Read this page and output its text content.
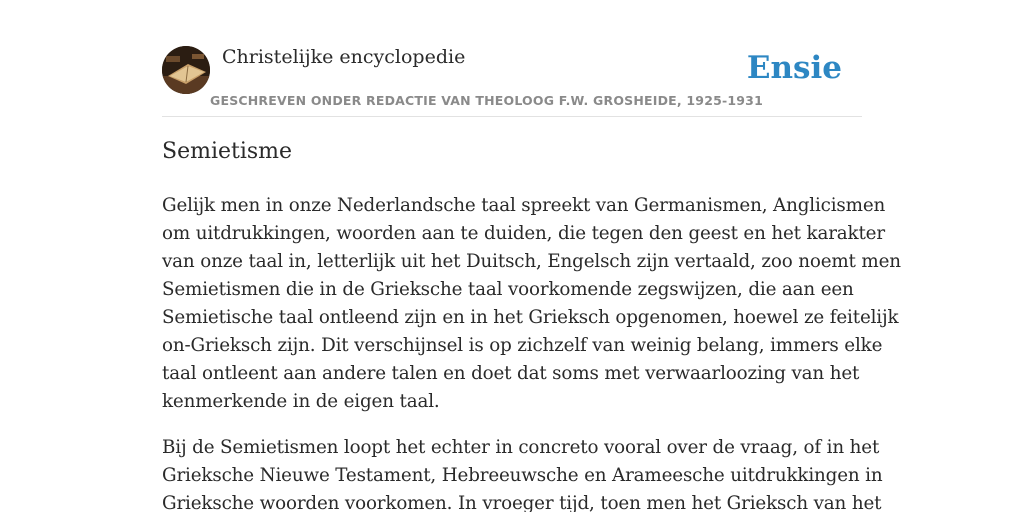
Christelijke encyclopedie
GESCHREVEN ONDER REDACTIE VAN THEOLOOG F.W. GROSHEIDE, 1925-1931
Ensie
Semietisme

Gelijk men in onze Nederlandsche taal spreekt van Germanismen, Anglicismen
om uitdrukkingen, woorden aan te duiden, die tegen den geest en het karakter
van onze taal in, letterlijk uit het Duitsch, Engelsch zijn vertaald, zoo noemt men
Semietismen die in de Grieksche taal voorkomende zegswijzen, die aan een
Semietische taal ontleend zijn en in het Grieksch opgenomen, hoewel ze feitelijk
on-Grieksch zijn. Dit verschijnsel is op zichzelf van weinig belang, immers elke
taal ontleent aan andere talen en doet dat soms met verwaarloozing van het
kenmerkende in de eigen taal.

Bij de Semietismen loopt het echter in concreto vooral over de vraag, of in het
Grieksche Nieuwe Testament, Hebreeuwsche en Arameesche uitdrukkingen in
Grieksche woorden voorkomen. In vroeger tijd, toen men het Grieksch van het
